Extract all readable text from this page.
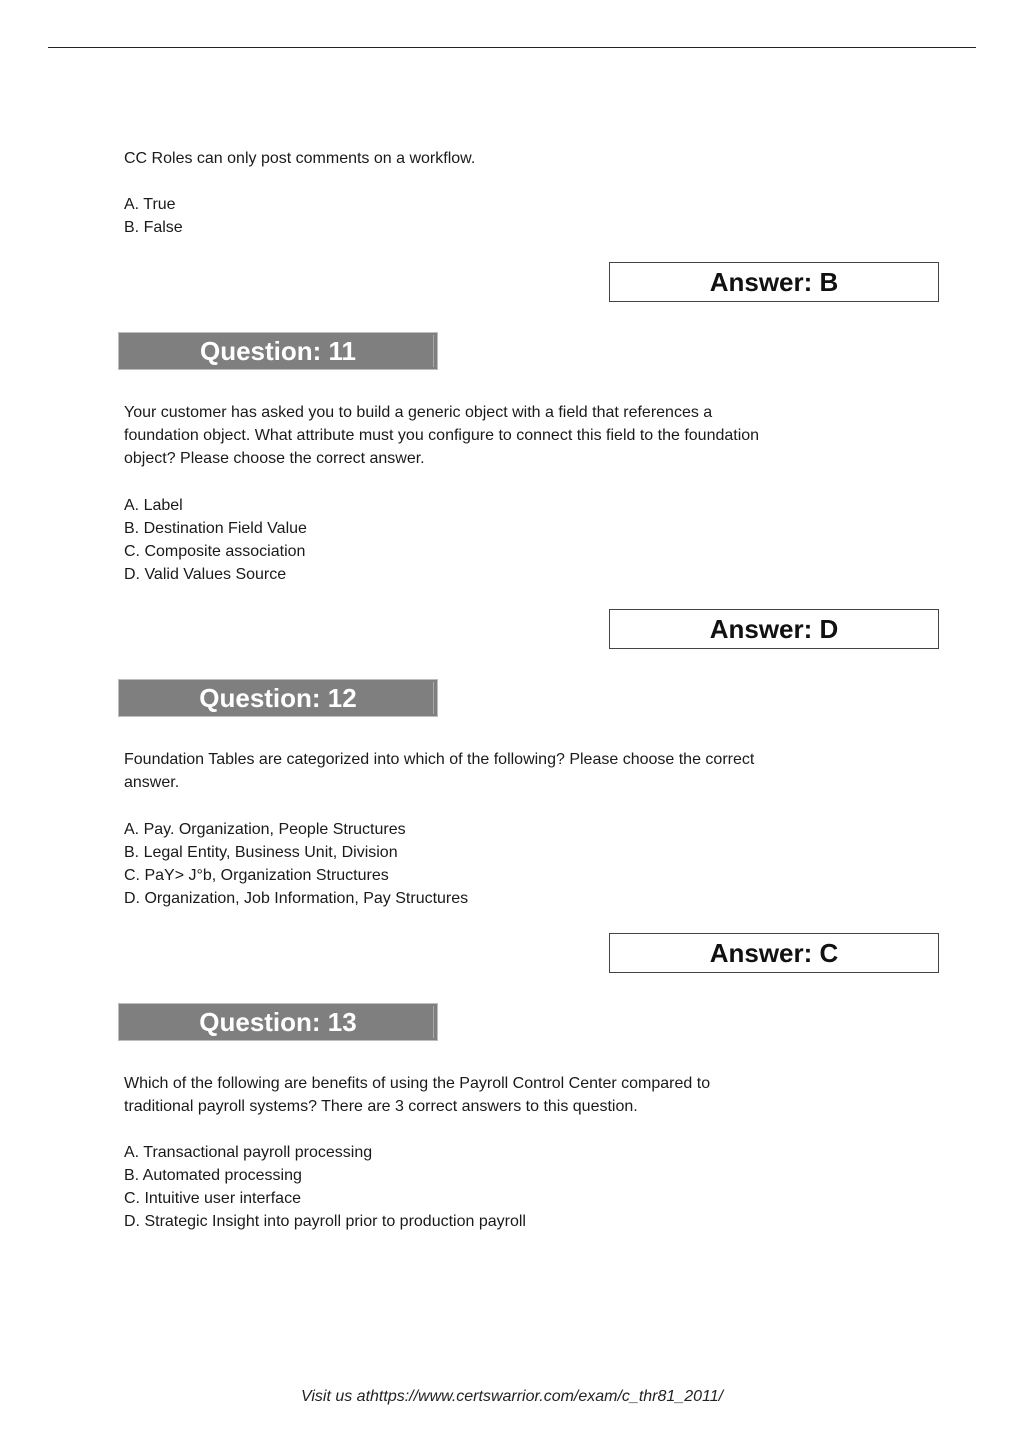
CC Roles can only post comments on a workflow.
A. True
B. False
Answer: B
Question: 11
Your customer has asked you to build a generic object with a field that references a
foundation object. What attribute must you configure to connect this field to the foundation
object? Please choose the correct answer.
A. Label
B. Destination Field Value
C. Composite association
D. Valid Values Source
Answer: D
Question: 12
Foundation Tables are categorized into which of the following? Please choose the correct
answer.
A. Pay. Organization, People Structures
B. Legal Entity, Business Unit, Division
C. PaY> J°b, Organization Structures
D. Organization, Job Information, Pay Structures
Answer: C
Question: 13
Which of the following are benefits of using the Payroll Control Center compared to
traditional payroll systems? There are 3 correct answers to this question.
A. Transactional payroll processing
B. Automated processing
C. Intuitive user interface
D. Strategic Insight into payroll prior to production payroll
Visit us athttps://www.certswarrior.com/exam/c_thr81_2011/
